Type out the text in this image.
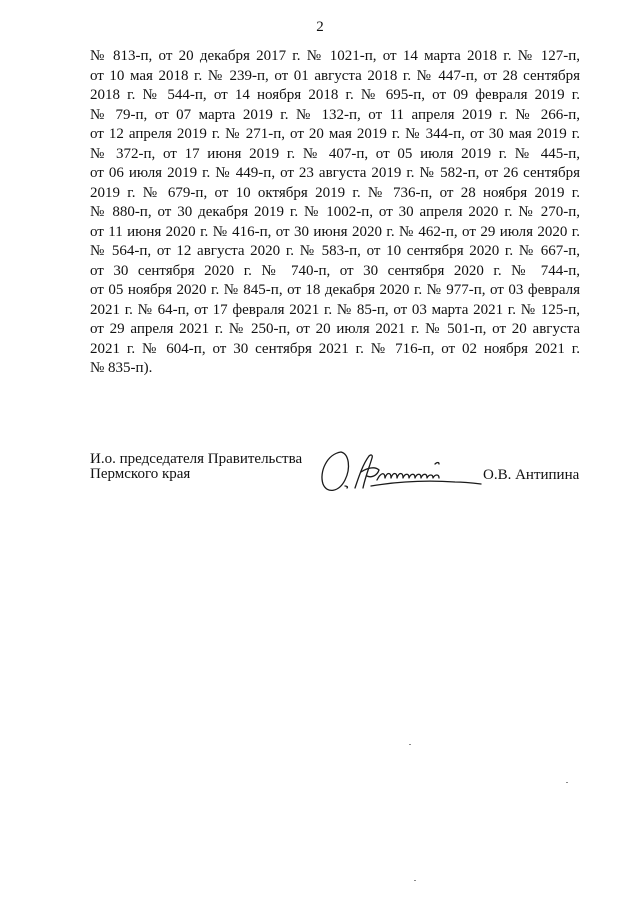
2
№ 813-п, от 20 декабря 2017 г. № 1021-п, от 14 марта 2018 г. № 127-п,
от 10 мая 2018 г. № 239-п, от 01 августа 2018 г. № 447-п, от 28 сентября
2018 г. № 544-п, от 14 ноября 2018 г. № 695-п, от 09 февраля 2019 г.
№ 79-п, от 07 марта 2019 г. № 132-п, от 11 апреля 2019 г. № 266-п,
от 12 апреля 2019 г. № 271-п, от 20 мая 2019 г. № 344-п, от 30 мая 2019 г.
№ 372-п, от 17 июня 2019 г. № 407-п, от 05 июля 2019 г. № 445-п,
от 06 июля 2019 г. № 449-п, от 23 августа 2019 г. № 582-п, от 26 сентября
2019 г. № 679-п, от 10 октября 2019 г. № 736-п, от 28 ноября 2019 г.
№ 880-п, от 30 декабря 2019 г. № 1002-п, от 30 апреля 2020 г. № 270-п,
от 11 июня 2020 г. № 416-п, от 30 июня 2020 г. № 462-п, от 29 июля 2020 г.
№ 564-п, от 12 августа 2020 г. № 583-п, от 10 сентября 2020 г. № 667-п,
от 30 сентября 2020 г. № 740-п, от 30 сентября 2020 г. № 744-п,
от 05 ноября 2020 г. № 845-п, от 18 декабря 2020 г. № 977-п, от 03 февраля
2021 г. № 64-п, от 17 февраля 2021 г. № 85-п, от 03 марта 2021 г. № 125-п,
от 29 апреля 2021 г. № 250-п, от 20 июля 2021 г. № 501-п, от 20 августа
2021 г. № 604-п, от 30 сентября 2021 г. № 716-п, от 02 ноября 2021 г.
№ 835-п).
И.о. председателя Правительства
Пермского края	О.В. Антипина
